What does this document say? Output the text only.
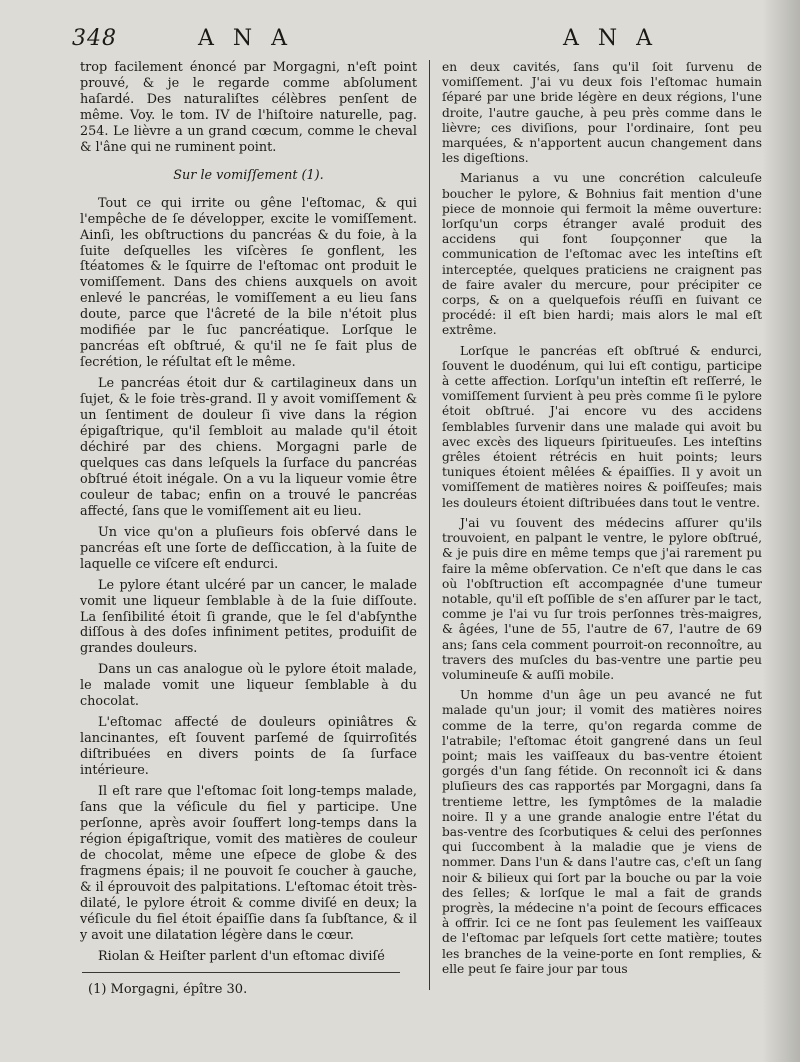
348	A N A	A N A

trop facilement énoncé par Morgagni, n'eſt point prouvé, & je le regarde comme abſolument haſardé. Des naturaliſtes célèbres penſent de même. Voy. le tom. IV de l'hiſtoire naturelle, pag. 254. Le lièvre a un grand cœcum, comme le cheval & l'âne qui ne ruminent point.

Sur le vomiſſement (1).

Tout ce qui irrite ou gêne l'eſtomac, & qui l'empêche de ſe développer, excite le vomiſſement. Ainſi, les obſtructions du pancréas & du foie, à la ſuite deſquelles les viſcères ſe gonflent, les ſtéatomes & le ſquirre de l'eſtomac ont produit le vomiſſement. Dans des chiens auxquels on avoit enlevé le pancréas, le vomiſſement a eu lieu ſans doute, parce que l'âcreté de la bile n'étoit plus modifiée par le ſuc pancréatique. Lorſque le pancréas eſt obſtrué, & qu'il ne ſe fait plus de ſecrétion, le réſultat eſt le même.

Le pancréas étoit dur & cartilagineux dans un ſujet, & le foie très-grand. Il y avoit vomiſſement & un ſentiment de douleur ſi vive dans la région épigaſtrique, qu'il ſembloit au malade qu'il étoit déchiré par des chiens. Morgagni parle de quelques cas dans leſquels la ſurface du pancréas obſtrué étoit inégale. On a vu la liqueur vomie être couleur de tabac; enfin on a trouvé le pancréas affecté, ſans que le vomiſſement ait eu lieu.

Un vice qu'on a pluſieurs fois obſervé dans le pancréas eſt une ſorte de deſſiccation, à la ſuite de laquelle ce viſcere eſt endurci.

Le pylore étant ulcéré par un cancer, le malade vomit une liqueur ſemblable à de la ſuie diſſoute. La ſenſibilité étoit ſi grande, que le ſel d'abſynthe diſſous à des doſes infiniment petites, produiſit de grandes douleurs.

Dans un cas analogue où le pylore étoit malade, le malade vomit une liqueur ſemblable à du chocolat.

L'eſtomac affecté de douleurs opiniâtres & lancinantes, eſt ſouvent parſemé de ſquirroſités diſtribuées en divers points de ſa ſurface intérieure.

Il eſt rare que l'eſtomac ſoit long-temps malade, ſans que la véſicule du fiel y participe. Une perſonne, après avoir ſouffert long-temps dans la région épigaſtrique, vomit des matières de couleur de chocolat, même une eſpece de globe & des fragmens épais; il ne pouvoit ſe coucher à gauche, & il éprouvoit des palpitations. L'eſtomac étoit très-dilaté, le pylore étroit & comme diviſé en deux; la véſicule du fiel étoit épaiſſie dans ſa ſubſtance, & il y avoit une dilatation légère dans le cœur.

Riolan & Heiſter parlent d'un eſtomac diviſé

en deux cavités, ſans qu'il ſoit ſurvenu de vomiſſement. J'ai vu deux fois l'eſtomac humain ſéparé par une bride légère en deux régions, l'une droite, l'autre gauche, à peu près comme dans le lièvre; ces diviſions, pour l'ordinaire, ſont peu marquées, & n'apportent aucun changement dans les digeſtions.

Marianus a vu une concrétion calculeuſe boucher le pylore, & Bohnius fait mention d'une piece de monnoie qui fermoit la même ouverture: lorſqu'un corps étranger avalé produit des accidens qui font ſoupçonner que la communication de l'eſtomac avec les inteſtins eſt interceptée, quelques praticiens ne craignent pas de faire avaler du mercure, pour précipiter ce corps, & on a quelquefois réuſſi en ſuivant ce procédé: il eſt bien hardi; mais alors le mal eſt extrême.

Lorſque le pancréas eſt obſtrué & endurci, ſouvent le duodénum, qui lui eſt contigu, participe à cette affection. Lorſqu'un inteſtin eſt reſſerré, le vomiſſement ſurvient à peu près comme ſi le pylore étoit obſtrué. J'ai encore vu des accidens ſemblables ſurvenir dans une malade qui avoit bu avec excès des liqueurs ſpiritueuſes. Les inteſtins grêles étoient rétrécis en huit points; leurs tuniques étoient mêlées & épaiſſies. Il y avoit un vomiſſement de matières noires & poiſſeuſes; mais les douleurs étoient diſtribuées dans tout le ventre.

J'ai vu ſouvent des médecins aſſurer qu'ils trouvoient, en palpant le ventre, le pylore obſtrué, & je puis dire en même temps que j'ai rarement pu faire la même obſervation. Ce n'eſt que dans le cas où l'obſtruction eſt accompagnée d'une tumeur notable, qu'il eſt poſſible de s'en aſſurer par le tact, comme je l'ai vu ſur trois perſonnes très-maigres, & âgées, l'une de 55, l'autre de 67, l'autre de 69 ans; ſans cela comment pourroit-on reconnoître, au travers des muſcles du bas-ventre une partie peu volumineuſe & auſſi mobile.

Un homme d'un âge un peu avancé ne fut malade qu'un jour; il vomit des matières noires comme de la terre, qu'on regarda comme de l'atrabile; l'eſtomac étoit gangrené dans un ſeul point; mais les vaiſſeaux du bas-ventre étoient gorgés d'un ſang fétide. On reconnoît ici & dans pluſieurs des cas rapportés par Morgagni, dans ſa trentieme lettre, les ſymptômes de la maladie noire. Il y a une grande analogie entre l'état du bas-ventre des ſcorbutiques & celui des perſonnes qui ſuccombent à la maladie que je viens de nommer. Dans l'un & dans l'autre cas, c'eſt un ſang noir & bilieux qui ſort par la bouche ou par la voie des ſelles; & lorſque le mal a fait de grands progrès, la médecine n'a point de ſecours efficaces à offrir. Ici ce ne ſont pas ſeulement les vaiſſeaux de l'eſtomac par leſquels ſort cette matière; toutes les branches de la veine-porte en ſont remplies, & elle peut ſe faire jour par tous

(1) Morgagni, épître 30.
